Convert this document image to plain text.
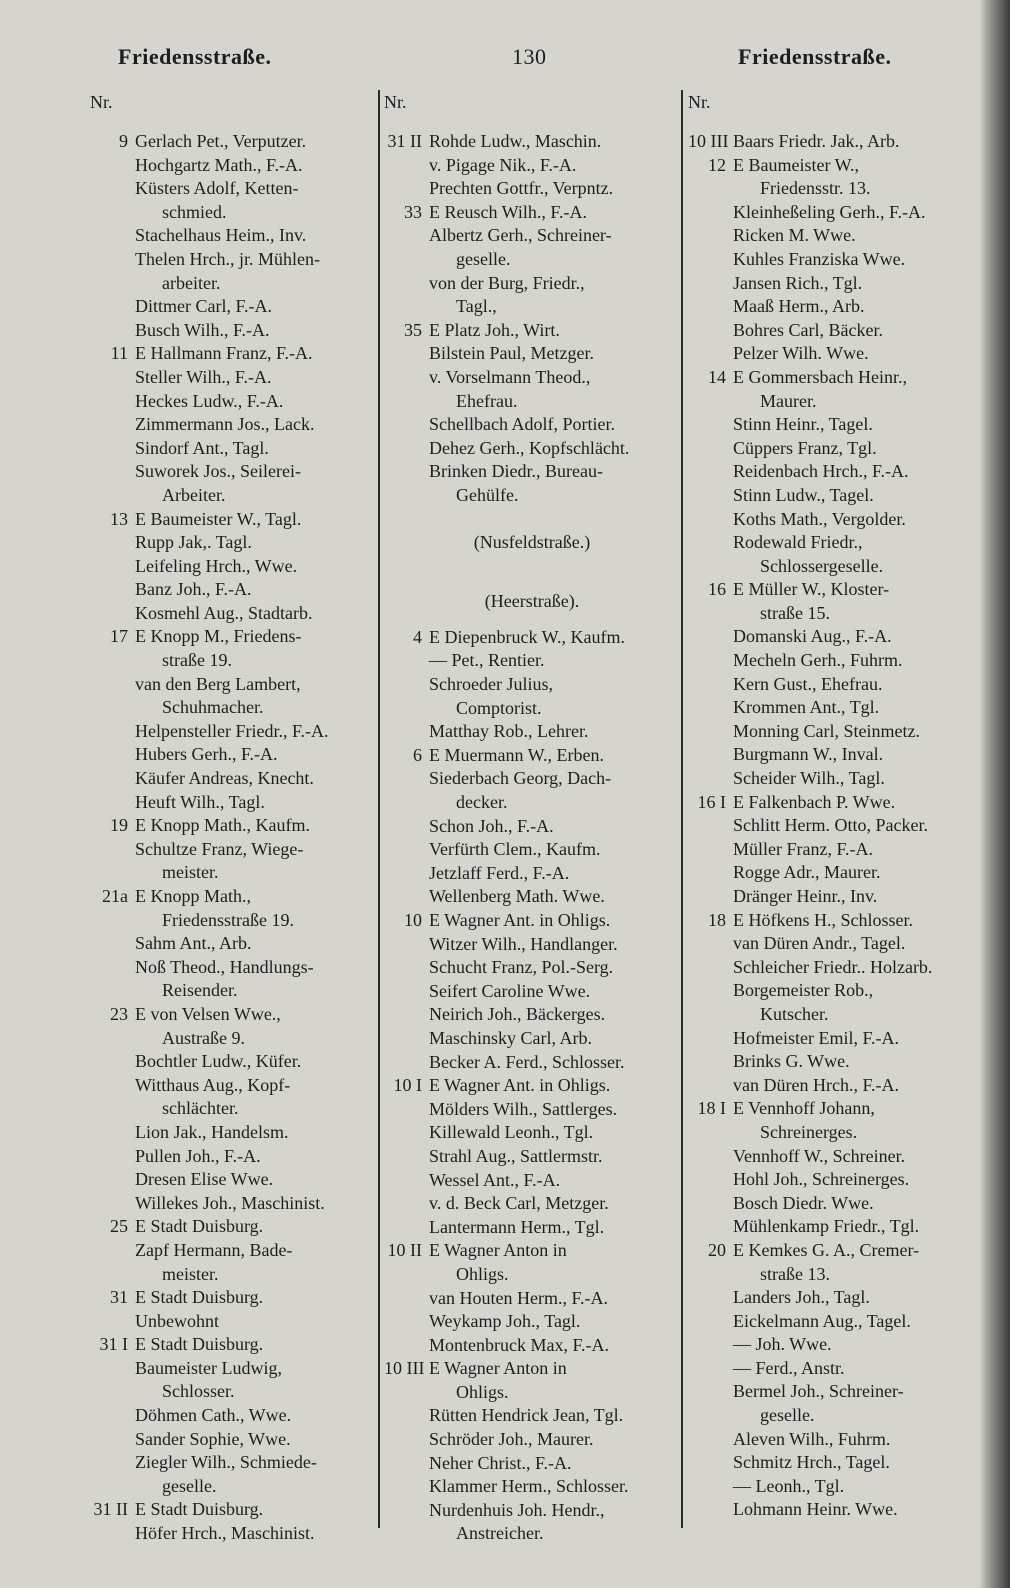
Friedensstraße.	130	Friedensstraße.
Nr.
9 Gerlach Pet., Verputzer.
Hochgartz Math., F.-A.
Küsters Adolf, Ketten-
schmied.
Stachelhaus Heim., Inv.
Thelen Hrch., jr. Mühlen-
arbeiter.
Dittmer Carl, F.-A.
Busch Wilh., F.-A.
11 E Hallmann Franz, F.-A.
Steller Wilh., F.-A.
Heckes Ludw., F.-A.
Zimmermann Jos., Lack.
Sindorf Ant., Tagl.
Suworek Jos., Seilerei-
Arbeiter.
13 E Baumeister W., Tagl.
Rupp Jak,. Tagl.
Leifeling Hrch., Wwe.
Banz Joh., F.-A.
Kosmehl Aug., Stadtarb.
17 E Knopp M., Friedens-
straße 19.
van den Berg Lambert,
Schuhmacher.
Helpensteller Friedr., F.-A.
Hubers Gerh., F.-A.
Käufer Andreas, Knecht.
Heuft Wilh., Tagl.
19 E Knopp Math., Kaufm.
Schultze Franz, Wiege-
meister.
21a E Knopp Math.,
Friedensstraße 19.
Sahm Ant., Arb.
Noß Theod., Handlungs-
Reisender.
23 E von Velsen Wwe.,
Austraße 9.
Bochtler Ludw., Küfer.
Witthaus Aug., Kopf-
schlächter.
Lion Jak., Handelsm.
Pullen Joh., F.-A.
Dresen Elise Wwe.
Willekes Joh., Maschinist.
25 E Stadt Duisburg.
Zapf Hermann, Bade-
meister.
31 E Stadt Duisburg.
Unbewohnt
31 I E Stadt Duisburg.
Baumeister Ludwig,
Schlosser.
Döhmen Cath., Wwe.
Sander Sophie, Wwe.
Ziegler Wilh., Schmiede-
geselle.
31 II E Stadt Duisburg.
Höfer Hrch., Maschinist.
Nr.
31 II Rohde Ludw., Maschin.
v. Pigage Nik., F.-A.
Prechten Gottfr., Verpntz.
33 E Reusch Wilh., F.-A.
Albertz Gerh., Schreiner-
geselle.
von der Burg, Friedr.,
Tagl.,
35 E Platz Joh., Wirt.
Bilstein Paul, Metzger.
v. Vorselmann Theod.,
Ehefrau.
Schellbach Adolf, Portier.
Dehez Gerh., Kopfschlächt.
Brinken Diedr., Bureau-
Gehülfe.
(Nusfeldstraße.)
(Heerstraße).
4 E Diepenbruck W., Kaufm.
— Pet., Rentier.
Schroeder Julius,
Comptorist.
Matthay Rob., Lehrer.
6 E Muermann W., Erben.
Siederbach Georg, Dach-
decker.
Schon Joh., F.-A.
Verfürth Clem., Kaufm.
Jetzlaff Ferd., F.-A.
Wellenberg Math. Wwe.
10 E Wagner Ant. in Ohligs.
Witzer Wilh., Handlanger.
Schucht Franz, Pol.-Serg.
Seifert Caroline Wwe.
Neirich Joh., Bäckerges.
Maschinsky Carl, Arb.
Becker A. Ferd., Schlosser.
10 I E Wagner Ant. in Ohligs.
Mölders Wilh., Sattlerges.
Killewald Leonh., Tgl.
Strahl Aug., Sattlermstr.
Wessel Ant., F.-A.
v. d. Beck Carl, Metzger.
Lantermann Herm., Tgl.
10 II E Wagner Anton in
Ohligs.
van Houten Herm., F.-A.
Weykamp Joh., Tagl.
Montenbruck Max, F.-A.
10 III E Wagner Anton in
Ohligs.
Rütten Hendrick Jean, Tgl.
Schröder Joh., Maurer.
Neher Christ., F.-A.
Klammer Herm., Schlosser.
Nurdenhuis Joh. Hendr.,
Anstreicher.
Nr.
10 III Baars Friedr. Jak., Arb.
12 E Baumeister W.,
Friedensstr. 13.
Kleinheßeling Gerh., F.-A.
Ricken M. Wwe.
Kuhles Franziska Wwe.
Jansen Rich., Tgl.
Maaß Herm., Arb.
Bohres Carl, Bäcker.
Pelzer Wilh. Wwe.
14 E Gommersbach Heinr.,
Maurer.
Stinn Heinr., Tagel.
Cüppers Franz, Tgl.
Reidenbach Hrch., F.-A.
Stinn Ludw., Tagel.
Koths Math., Vergolder.
Rodewald Friedr.,
Schlossergeselle.
16 E Müller W., Kloster-
straße 15.
Domanski Aug., F.-A.
Mecheln Gerh., Fuhrm.
Kern Gust., Ehefrau.
Krommen Ant., Tgl.
Monning Carl, Steinmetz.
Burgmann W., Inval.
Scheider Wilh., Tagl.
16 I E Falkenbach P. Wwe.
Schlitt Herm. Otto, Packer.
Müller Franz, F.-A.
Rogge Adr., Maurer.
Dränger Heinr., Inv.
18 E Höfkens H., Schlosser.
van Düren Andr., Tagel.
Schleicher Friedr.. Holzarb.
Borgemeister Rob.,
Kutscher.
Hofmeister Emil, F.-A.
Brinks G. Wwe.
van Düren Hrch., F.-A.
18 I E Vennhoff Johann,
Schreinerges.
Vennhoff W., Schreiner.
Hohl Joh., Schreinerges.
Bosch Diedr. Wwe.
Mühlenkamp Friedr., Tgl.
20 E Kemkes G. A., Cremer-
straße 13.
Landers Joh., Tagl.
Eickelmann Aug., Tagel.
— Joh. Wwe.
— Ferd., Anstr.
Bermel Joh., Schreiner-
geselle.
Aleven Wilh., Fuhrm.
Schmitz Hrch., Tagel.
— Leonh., Tgl.
Lohmann Heinr. Wwe.
